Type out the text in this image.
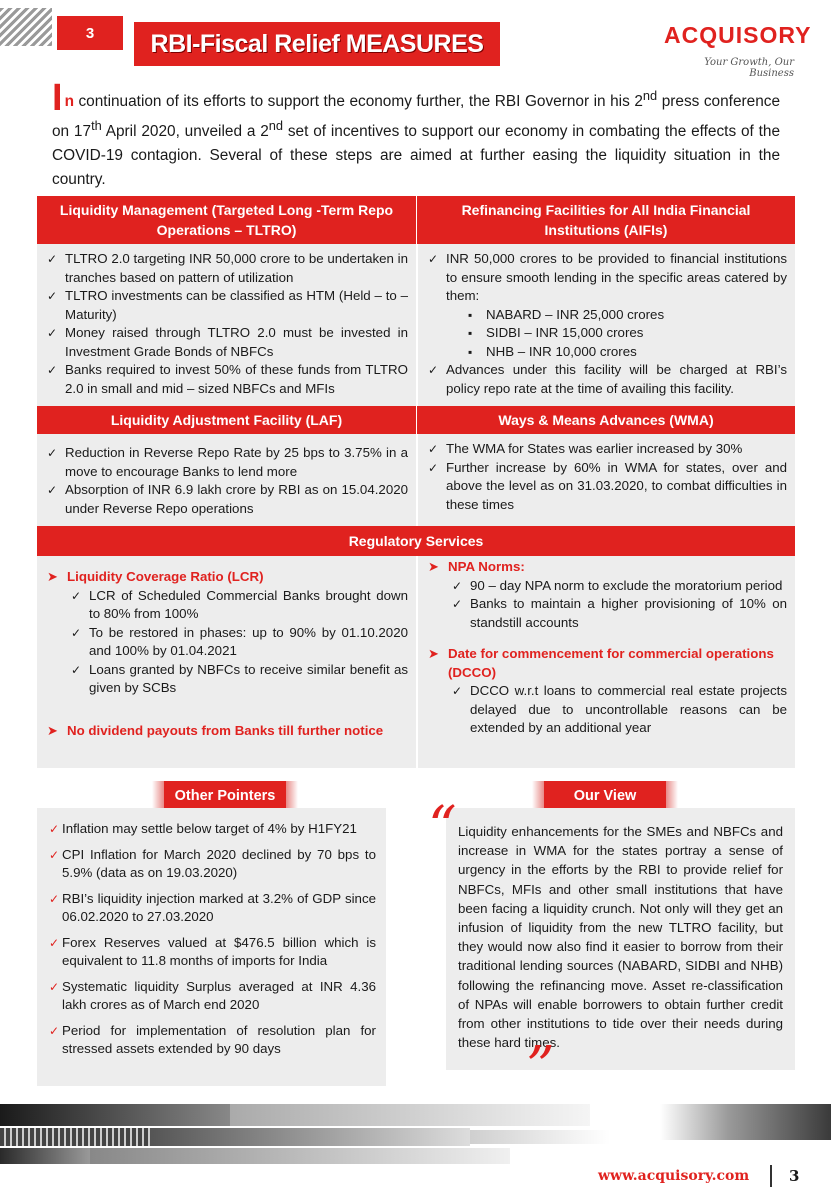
3	RBI-Fiscal Relief MEASURES	ACQUISORY
Your Growth, Our Business
In continuation of its efforts to support the economy further, the RBI Governor in his 2nd press conference on 17th April 2020, unveiled a 2nd set of incentives to support our economy in combating the effects of the COVID-19 contagion. Several of these steps are aimed at further easing the liquidity situation in the country.
Liquidity Management (Targeted Long -Term Repo Operations – TLTRO)
Refinancing Facilities for All India Financial Institutions (AIFIs)
✓ TLTRO 2.0 targeting INR 50,000 crore to be undertaken in tranches based on pattern of utilization
✓ TLTRO investments can be classified as HTM (Held – to – Maturity)
✓ Money raised through TLTRO 2.0 must be invested in Investment Grade Bonds of NBFCs
✓ Banks required to invest 50% of these funds from TLTRO 2.0 in small and mid – sized NBFCs and MFIs
✓ INR 50,000 crores to be provided to financial institutions to ensure smooth lending in the specific areas catered by them:
▪ NABARD – INR 25,000 crores
▪ SIDBI – INR 15,000 crores
▪ NHB – INR 10,000 crores
✓ Advances under this facility will be charged at RBI’s policy repo rate at the time of availing this facility.
Liquidity Adjustment Facility (LAF)	Ways & Means Advances (WMA)
✓ Reduction in Reverse Repo Rate by 25 bps to 3.75% in a move to encourage Banks to lend more
✓ Absorption of INR 6.9 lakh crore by RBI as on 15.04.2020 under Reverse Repo operations
✓ The WMA for States was earlier increased by 30%
✓ Further increase by 60% in WMA for states, over and above the level as on 31.03.2020, to combat difficulties in these times
Regulatory Services
➤ Liquidity Coverage Ratio (LCR)
✓ LCR of Scheduled Commercial Banks brought down to 80% from 100%
✓ To be restored in phases: up to 90% by 01.10.2020 and 100% by 01.04.2021
✓ Loans granted by NBFCs to receive similar benefit as given by SCBs
➤ No dividend payouts from Banks till further notice
➤ NPA Norms:
✓ 90 – day NPA norm to exclude the moratorium period
✓ Banks to maintain a higher provisioning of 10% on standstill accounts
➤ Date for commencement for commercial operations (DCCO)
✓ DCCO w.r.t loans to commercial real estate projects delayed due to uncontrollable reasons can be extended by an additional year
Other Pointers
✓ Inflation may settle below target of 4% by H1FY21
✓ CPI Inflation for March 2020 declined by 70 bps to 5.9% (data as on 19.03.2020)
✓ RBI’s liquidity injection marked at 3.2% of GDP since 06.02.2020 to 27.03.2020
✓ Forex Reserves valued at $476.5 billion which is equivalent to 11.8 months of imports for India
✓ Systematic liquidity Surplus averaged at INR 4.36 lakh crores as of March end 2020
✓ Period for implementation of resolution plan for stressed assets extended by 90 days
Our View

Liquidity enhancements for the SMEs and NBFCs and increase in WMA for the states portray a sense of urgency in the efforts by the RBI to provide relief for NBFCs, MFIs and other small institutions that have been facing a liquidity crunch. Not only will they get an infusion of liquidity from the new TLTRO facility, but they would now also find it easier to borrow from their traditional lending sources (NABARD, SIDBI and NHB) following the refinancing move. Asset re-classification of NPAs will enable borrowers to obtain further credit from other institutions to tide over their needs during these hard times.

“
”
www.acquisory.com	3
